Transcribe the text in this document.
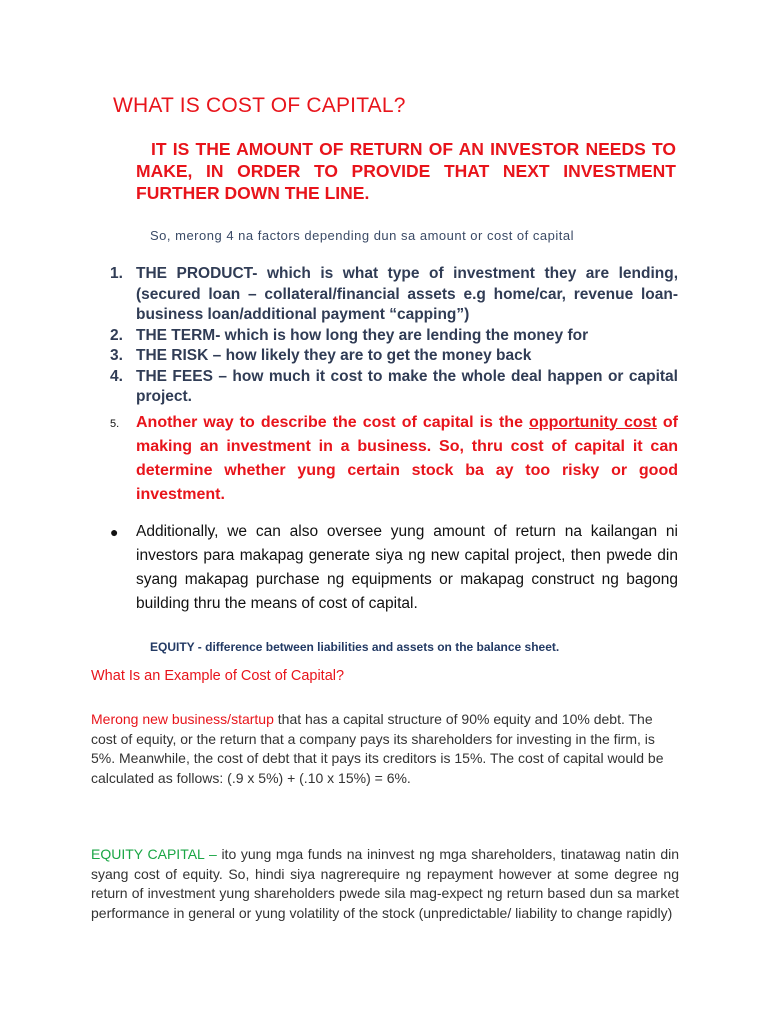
WHAT IS COST OF CAPITAL?

IT IS THE AMOUNT OF RETURN OF AN INVESTOR NEEDS TO MAKE, IN ORDER TO PROVIDE THAT NEXT INVESTMENT FURTHER DOWN THE LINE.

So, merong 4 na factors depending dun sa amount or cost of capital

1. THE PRODUCT- which is what type of investment they are lending, (secured loan – collateral/financial assets e.g home/car, revenue loan-business loan/additional payment “capping”)
2. THE TERM- which is how long they are lending the money for
3. THE RISK – how likely they are to get the money back
4. THE FEES – how much it cost to make the whole deal happen or capital project.
5. Another way to describe the cost of capital is the opportunity cost of making an investment in a business. So, thru cost of capital it can determine whether yung certain stock ba ay too risky or good investment.
●	Additionally, we can also oversee yung amount of return na kailangan ni investors para makapag generate siya ng new capital project, then pwede din syang makapag purchase ng equipments or makapag construct ng bagong building thru the means of cost of capital.

EQUITY - difference between liabilities and assets on the balance sheet.

What Is an Example of Cost of Capital?

Merong new business/startup that has a capital structure of 90% equity and 10% debt. The cost of equity, or the return that a company pays its shareholders for investing in the firm, is 5%. Meanwhile, the cost of debt that it pays its creditors is 15%. The cost of capital would be calculated as follows: (.9 x 5%) + (.10 x 15%) = 6%.

EQUITY CAPITAL – ito yung mga funds na ininvest ng mga shareholders, tinatawag natin din syang cost of equity. So, hindi siya nagrerequire ng repayment however at some degree ng return of investment yung shareholders pwede sila mag-expect ng return based dun sa market performance in general or yung volatility of the stock (unpredictable/ liability to change rapidly)
